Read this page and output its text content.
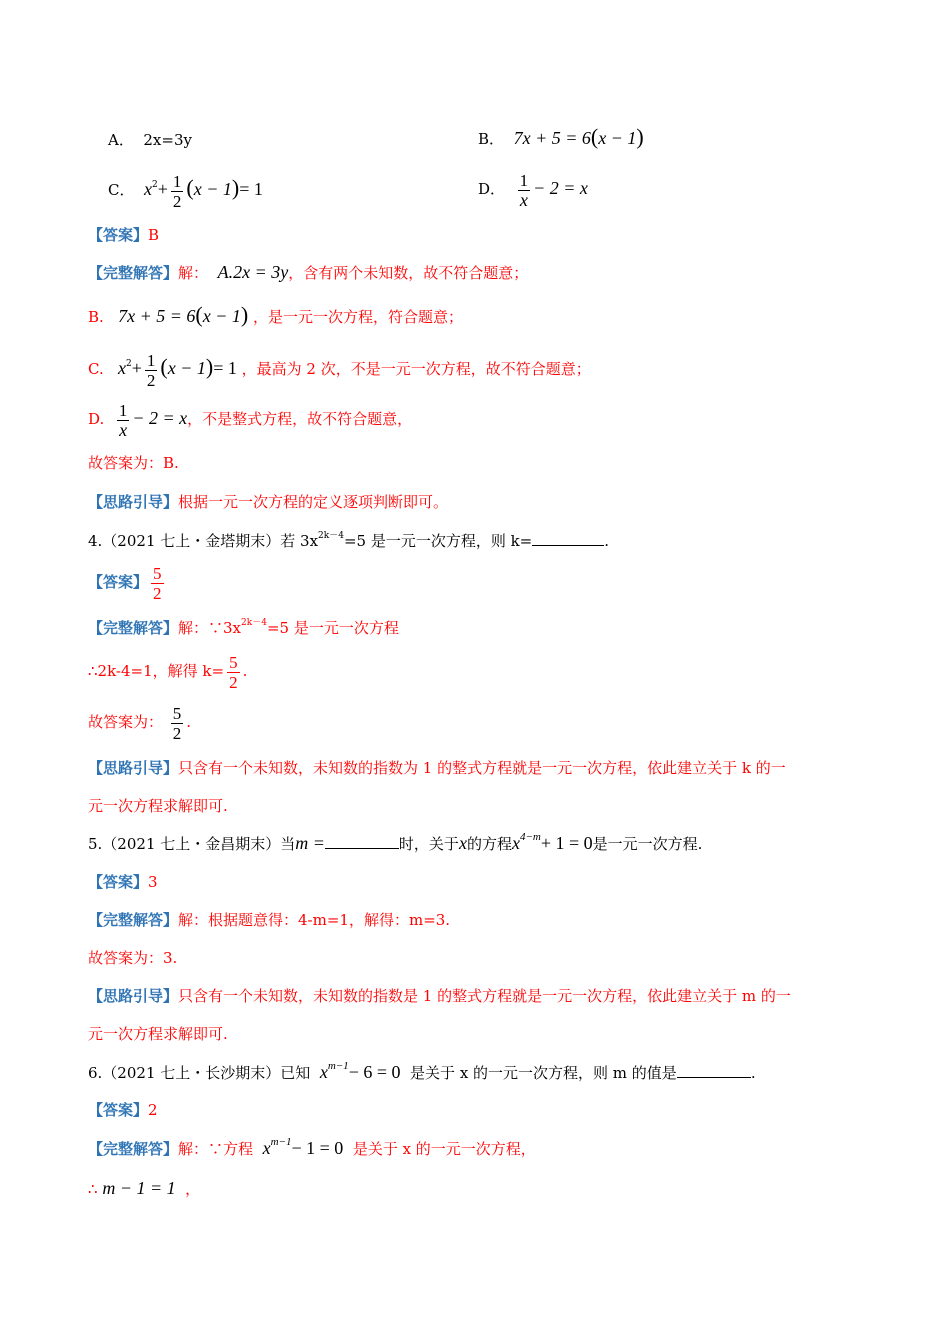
A． 2x=3y	B． 7x + 5 = 6(x − 1)
C． $x^2+ \frac{1}{2} (x - 1)= 1$	D． $\frac{1}{x} - 2 = x$
【答案】B
【完整解答】解： A.2x = 3y，含有两个未知数，故不符合题意；
B. 7x + 5 = 6(x − 1) ，是一元一次方程，符合题意；
C. $x^2+ \frac{1}{2} (x - 1)= 1$ ，最高为 2 次，不是一元一次方程，故不符合题意；
D. $\frac{1}{x} - 2 = x$，不是整式方程，故不符合题意，
故答案为：B.
【思路引导】根据一元一次方程的定义逐项判断即可。
4.（2021 七上・金塔期末）若 $3x^{2k-4}=5$ 是一元一次方程，则 k=	.
【答案】 $\frac{5}{2}$
【完整解答】解：$\because 3x^{2k-4}=5$ 是一元一次方程
∴2k-4=1，解得 $k= \frac{5}{2}$ .
故答案为： $\frac{5}{2}$ .
【思路引导】只含有一个未知数，未知数的指数为 1 的整式方程就是一元一次方程，依此建立关于 k 的一
元一次方程求解即可.
5.（2021 七上・金昌期末）当m =	时，关于x的方程$x^{4-m}+ 1 = 0$是一元一次方程.
【答案】3
【完整解答】解：根据题意得：4-m=1，解得：m=3.
故答案为：3.
【思路引导】只含有一个未知数，未知数的指数是 1 的整式方程就是一元一次方程，依此建立关于 m 的一
元一次方程求解即可.
6.（2021 七上・长沙期末）已知 $x^{m-1}- 6 = 0$ 是关于 x 的一元一次方程，则 m 的值是	.
【答案】2
【完整解答】解：∵方程 $x^{m-1}- 1 = 0$ 是关于 x 的一元一次方程，
∴ m − 1 = 1 ，
